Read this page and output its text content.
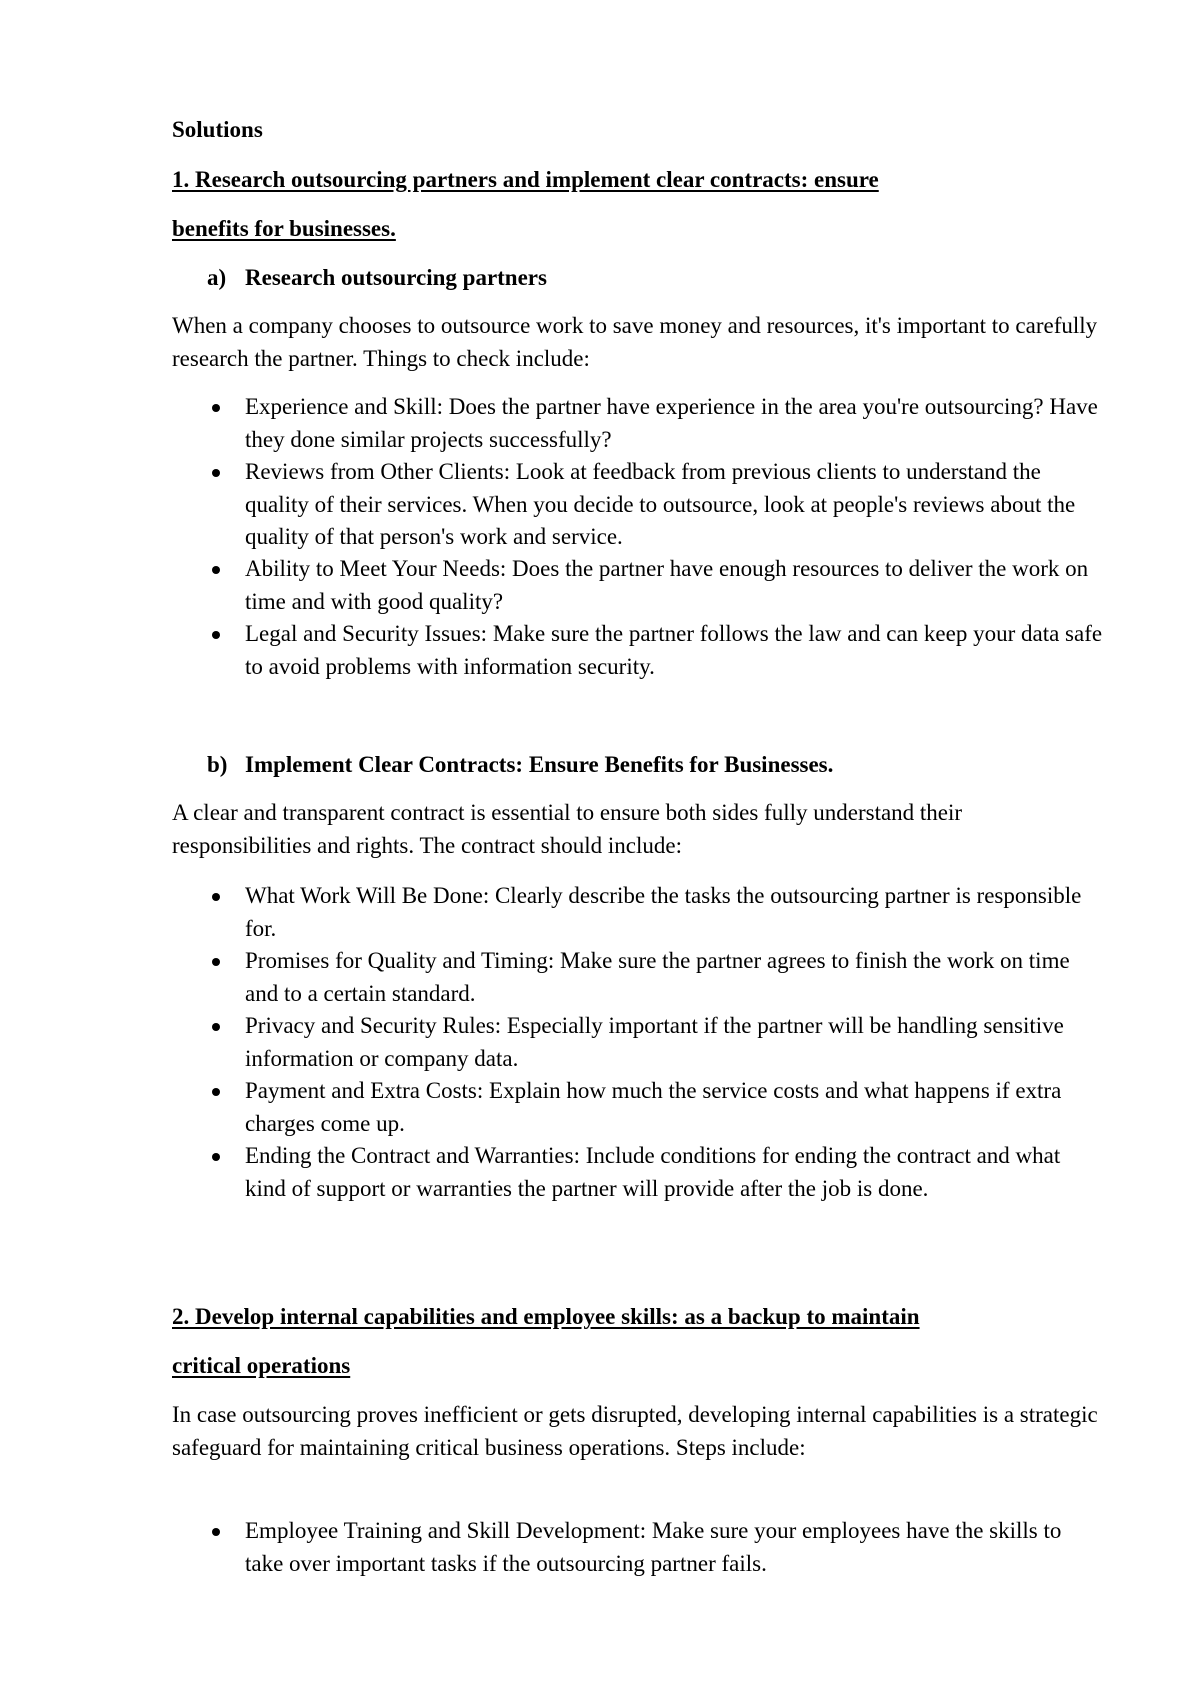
Solutions
1. Research outsourcing partners and implement clear contracts: ensure
benefits for businesses.
a) Research outsourcing partners
When a company chooses to outsource work to save money and resources, it's important to carefully research the partner. Things to check include:
Experience and Skill: Does the partner have experience in the area you're outsourcing? Have they done similar projects successfully?
Reviews from Other Clients: Look at feedback from previous clients to understand the quality of their services. When you decide to outsource, look at people's reviews about the quality of that person's work and service.
Ability to Meet Your Needs: Does the partner have enough resources to deliver the work on time and with good quality?
Legal and Security Issues: Make sure the partner follows the law and can keep your data safe to avoid problems with information security.
b) Implement Clear Contracts: Ensure Benefits for Businesses.
A clear and transparent contract is essential to ensure both sides fully understand their responsibilities and rights. The contract should include:
What Work Will Be Done: Clearly describe the tasks the outsourcing partner is responsible for.
Promises for Quality and Timing: Make sure the partner agrees to finish the work on time and to a certain standard.
Privacy and Security Rules: Especially important if the partner will be handling sensitive information or company data.
Payment and Extra Costs: Explain how much the service costs and what happens if extra charges come up.
Ending the Contract and Warranties: Include conditions for ending the contract and what kind of support or warranties the partner will provide after the job is done.
2. Develop internal capabilities and employee skills: as a backup to maintain
critical operations
In case outsourcing proves inefficient or gets disrupted, developing internal capabilities is a strategic safeguard for maintaining critical business operations. Steps include:
Employee Training and Skill Development: Make sure your employees have the skills to take over important tasks if the outsourcing partner fails.
